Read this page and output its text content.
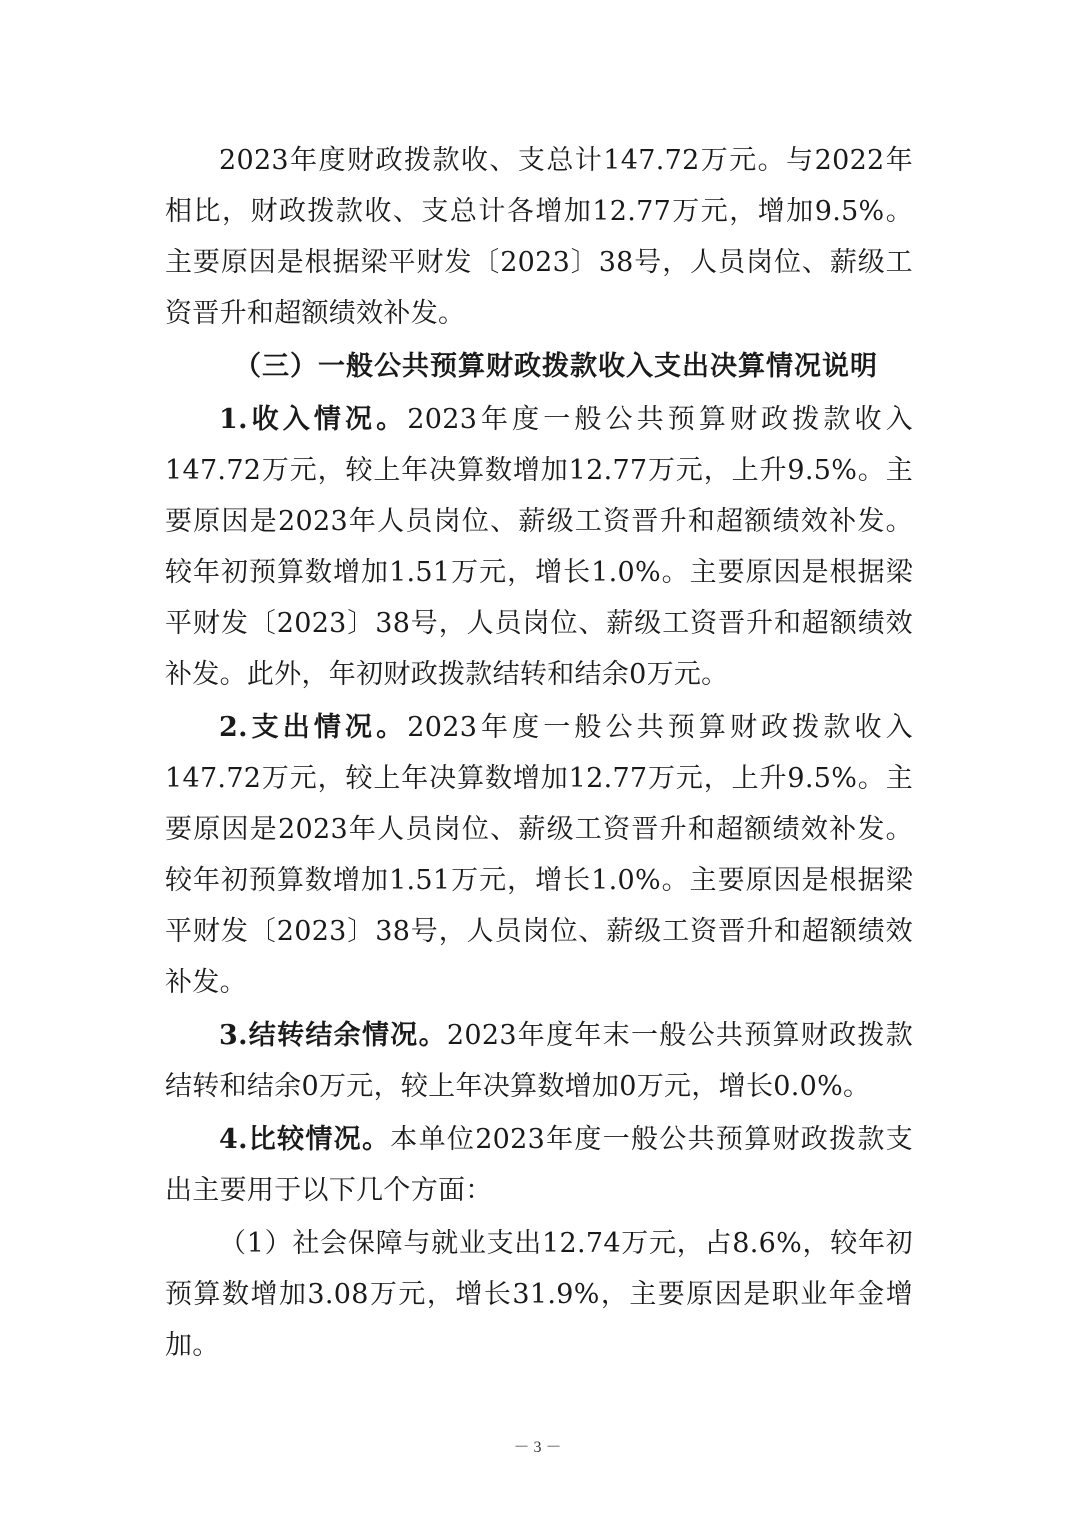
2023年度财政拨款收、支总计147.72万元。与2022年相比，财政拨款收、支总计各增加12.77万元，增加9.5%。主要原因是根据梁平财发〔2023〕38号，人员岗位、薪级工资晋升和超额绩效补发。

（三）一般公共预算财政拨款收入支出决算情况说明

1.收入情况。2023年度一般公共预算财政拨款收入147.72万元，较上年决算数增加12.77万元，上升9.5%。主要原因是2023年人员岗位、薪级工资晋升和超额绩效补发。较年初预算数增加1.51万元，增长1.0%。主要原因是根据梁平财发〔2023〕38号，人员岗位、薪级工资晋升和超额绩效补发。此外，年初财政拨款结转和结余0万元。

2.支出情况。2023年度一般公共预算财政拨款收入147.72万元，较上年决算数增加12.77万元，上升9.5%。主要原因是2023年人员岗位、薪级工资晋升和超额绩效补发。较年初预算数增加1.51万元，增长1.0%。主要原因是根据梁平财发〔2023〕38号，人员岗位、薪级工资晋升和超额绩效补发。

3.结转结余情况。2023年度年末一般公共预算财政拨款结转和结余0万元，较上年决算数增加0万元，增长0.0%。

4.比较情况。本单位2023年度一般公共预算财政拨款支出主要用于以下几个方面：

（1）社会保障与就业支出12.74万元，占8.6%，较年初预算数增加3.08万元，增长31.9%，主要原因是职业年金增加。

－ 3 －
